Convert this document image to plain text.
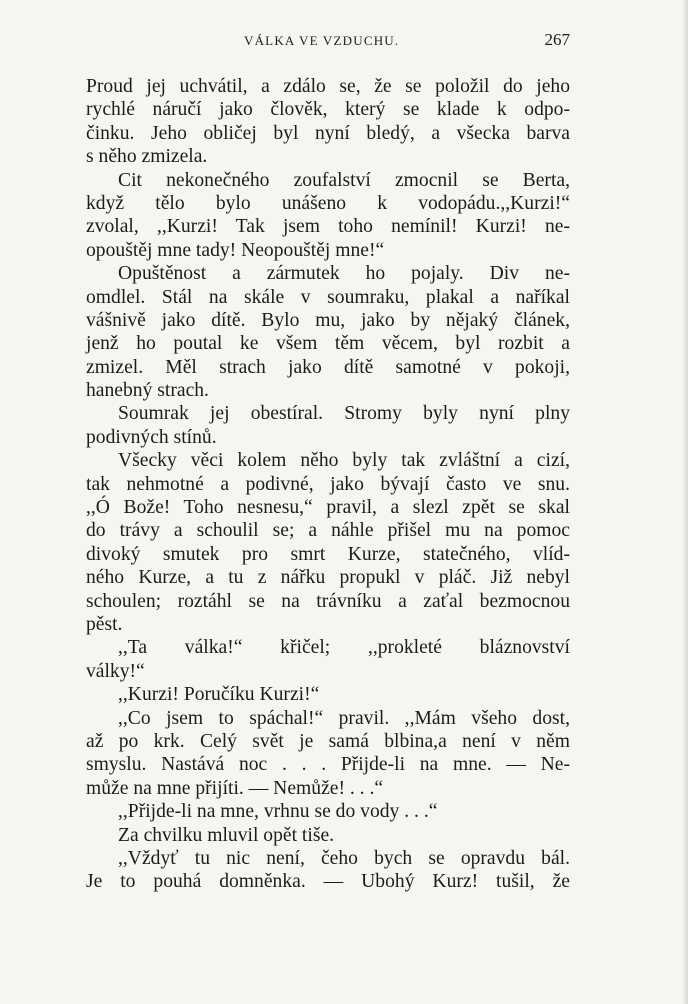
VÁLKA VE VZDUCHU.	267
Proud jej uchvátil, a zdálo se, že se položil do jeho
rychlé náručí jako člověk, který se klade k odpo-
činku. Jeho obličej byl nyní bledý, a všecka barva
s něho zmizela.
Cit nekonečného zoufalství zmocnil se Berta,
když tělo bylo unášeno k vodopádu.,,Kurzi!“
zvolal, ,,Kurzi! Tak jsem toho nemínil! Kurzi! ne-
opouštěj mne tady! Neopouštěj mne!“
Opuštěnost a zármutek ho pojaly. Div ne-
omdlel. Stál na skále v soumraku, plakal a naříkal
vášnivě jako dítě. Bylo mu, jako by nějaký článek,
jenž ho poutal ke všem těm věcem, byl rozbit a
zmizel. Měl strach jako dítě samotné v pokoji,
hanebný strach.
Soumrak jej obestíral. Stromy byly nyní plny
podivných stínů.
Všecky věci kolem něho byly tak zvláštní a cizí,
tak nehmotné a podivné, jako bývají často ve snu.
,,Ó Bože! Toho nesnesu,“ pravil, a slezl zpět se skal
do trávy a schoulil se; a náhle přišel mu na pomoc
divoký smutek pro smrt Kurze, statečného, vlíd-
ného Kurze, a tu z nářku propukl v pláč. Již nebyl
schoulen; roztáhl se na trávníku a zaťal bezmocnou
pěst.
,,Ta válka!“ křičel; ,,prokleté bláznovství
války!“
,,Kurzi! Poručíku Kurzi!“
,,Co jsem to spáchal!“ pravil. ,,Mám všeho dost,
až po krk. Celý svět je samá blbina,a není v něm
smyslu. Nastává noc . . . Přijde-li na mne. — Ne-
může na mne přijíti. — Nemůže! . . .“
,,Přijde-li na mne, vrhnu se do vody . . .“
Za chvilku mluvil opět tiše.
,,Vždyť tu nic není, čeho bych se opravdu bál.
Je to pouhá domněnka. — Ubohý Kurz! tušil, že
